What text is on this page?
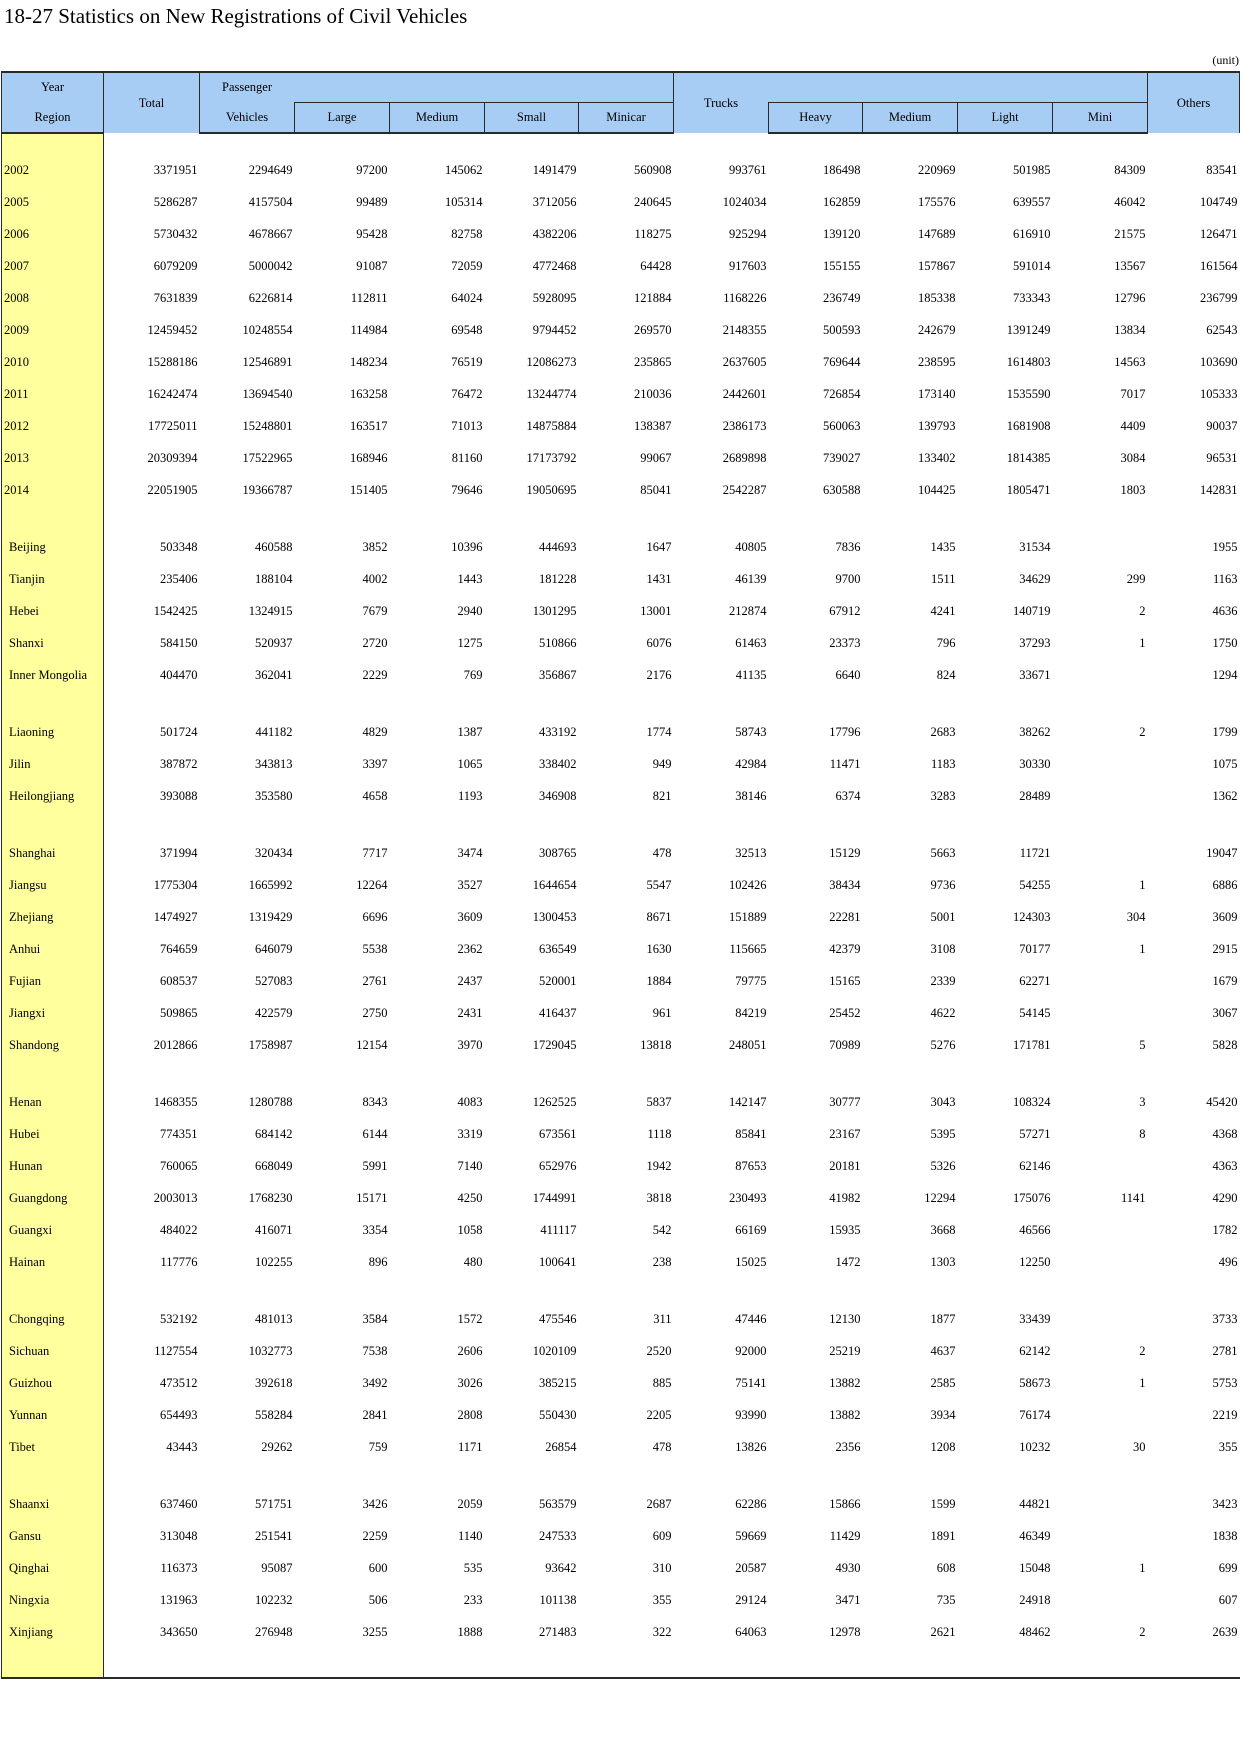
18-27 Statistics on New Registrations of Civil Vehicles
(unit)
Year	Total	Passenger					Trucks					Others
Region		Vehicles	Large	Medium	Small	Minicar		Heavy	Medium	Light	Mini	

2002	3371951	2294649	97200	145062	1491479	560908	993761	186498	220969	501985	84309	83541
2005	5286287	4157504	99489	105314	3712056	240645	1024034	162859	175576	639557	46042	104749
2006	5730432	4678667	95428	82758	4382206	118275	925294	139120	147689	616910	21575	126471
2007	6079209	5000042	91087	72059	4772468	64428	917603	155155	157867	591014	13567	161564
2008	7631839	6226814	112811	64024	5928095	121884	1168226	236749	185338	733343	12796	236799
2009	12459452	10248554	114984	69548	9794452	269570	2148355	500593	242679	1391249	13834	62543
2010	15288186	12546891	148234	76519	12086273	235865	2637605	769644	238595	1614803	14563	103690
2011	16242474	13694540	163258	76472	13244774	210036	2442601	726854	173140	1535590	7017	105333
2012	17725011	15248801	163517	71013	14875884	138387	2386173	560063	139793	1681908	4409	90037
2013	20309394	17522965	168946	81160	17173792	99067	2689898	739027	133402	1814385	3084	96531
2014	22051905	19366787	151405	79646	19050695	85041	2542287	630588	104425	1805471	1803	142831

Beijing	503348	460588	3852	10396	444693	1647	40805	7836	1435	31534		1955
Tianjin	235406	188104	4002	1443	181228	1431	46139	9700	1511	34629	299	1163
Hebei	1542425	1324915	7679	2940	1301295	13001	212874	67912	4241	140719	2	4636
Shanxi	584150	520937	2720	1275	510866	6076	61463	23373	796	37293	1	1750
Inner Mongolia	404470	362041	2229	769	356867	2176	41135	6640	824	33671		1294

Liaoning	501724	441182	4829	1387	433192	1774	58743	17796	2683	38262	2	1799
Jilin	387872	343813	3397	1065	338402	949	42984	11471	1183	30330		1075
Heilongjiang	393088	353580	4658	1193	346908	821	38146	6374	3283	28489		1362

Shanghai	371994	320434	7717	3474	308765	478	32513	15129	5663	11721		19047
Jiangsu	1775304	1665992	12264	3527	1644654	5547	102426	38434	9736	54255	1	6886
Zhejiang	1474927	1319429	6696	3609	1300453	8671	151889	22281	5001	124303	304	3609
Anhui	764659	646079	5538	2362	636549	1630	115665	42379	3108	70177	1	2915
Fujian	608537	527083	2761	2437	520001	1884	79775	15165	2339	62271		1679
Jiangxi	509865	422579	2750	2431	416437	961	84219	25452	4622	54145		3067
Shandong	2012866	1758987	12154	3970	1729045	13818	248051	70989	5276	171781	5	5828

Henan	1468355	1280788	8343	4083	1262525	5837	142147	30777	3043	108324	3	45420
Hubei	774351	684142	6144	3319	673561	1118	85841	23167	5395	57271	8	4368
Hunan	760065	668049	5991	7140	652976	1942	87653	20181	5326	62146		4363
Guangdong	2003013	1768230	15171	4250	1744991	3818	230493	41982	12294	175076	1141	4290
Guangxi	484022	416071	3354	1058	411117	542	66169	15935	3668	46566		1782
Hainan	117776	102255	896	480	100641	238	15025	1472	1303	12250		496

Chongqing	532192	481013	3584	1572	475546	311	47446	12130	1877	33439		3733
Sichuan	1127554	1032773	7538	2606	1020109	2520	92000	25219	4637	62142	2	2781
Guizhou	473512	392618	3492	3026	385215	885	75141	13882	2585	58673	1	5753
Yunnan	654493	558284	2841	2808	550430	2205	93990	13882	3934	76174		2219
Tibet	43443	29262	759	1171	26854	478	13826	2356	1208	10232	30	355

Shaanxi	637460	571751	3426	2059	563579	2687	62286	15866	1599	44821		3423
Gansu	313048	251541	2259	1140	247533	609	59669	11429	1891	46349		1838
Qinghai	116373	95087	600	535	93642	310	20587	4930	608	15048	1	699
Ningxia	131963	102232	506	233	101138	355	29124	3471	735	24918		607
Xinjiang	343650	276948	3255	1888	271483	322	64063	12978	2621	48462	2	2639
